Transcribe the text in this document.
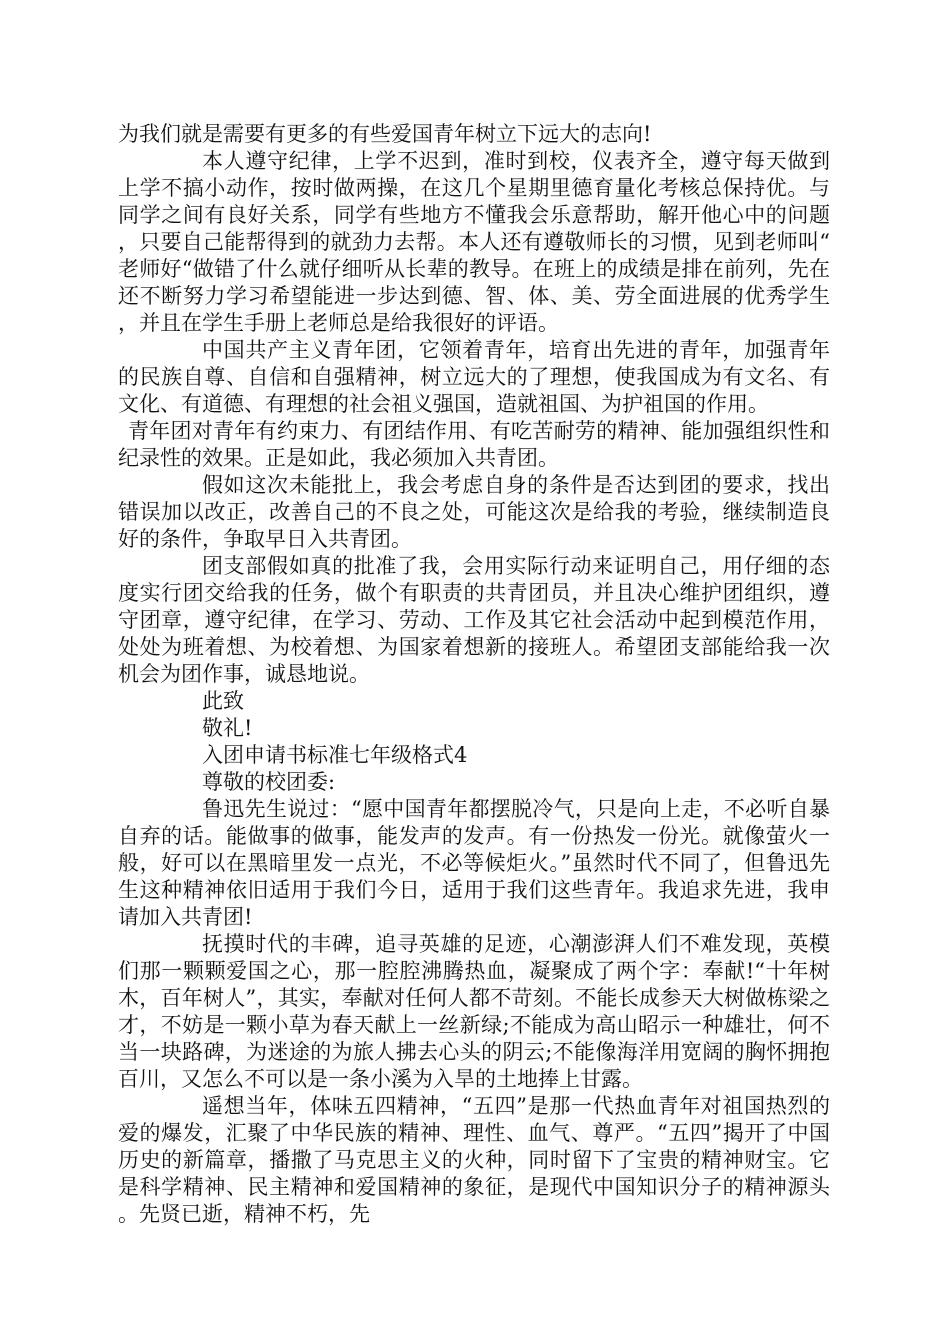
为我们就是需要有更多的有些爱国青年树立下远大的志向!

本人遵守纪律，上学不迟到，准时到校，仪表齐全，遵守每天做到上学不搞小动作，按时做两操，在这几个星期里德育量化考核总保持优。与同学之间有良好关系，同学有些地方不懂我会乐意帮助，解开他心中的问题，只要自己能帮得到的就劲力去帮。本人还有遵敬师长的习惯，见到老师叫“老师好“做错了什么就仔细听从长辈的教导。在班上的成绩是排在前列，先在还不断努力学习希望能进一步达到德、智、体、美、劳全面进展的优秀学生，并且在学生手册上老师总是给我很好的评语。

中国共产主义青年团，它领着青年，培育出先进的青年，加强青年的民族自尊、自信和自强精神，树立远大的了理想，使我国成为有文名、有文化、有道德、有理想的社会祖义强国，造就祖国、为护祖国的作用。

青年团对青年有约束力、有团结作用、有吃苦耐劳的精神、能加强组织性和纪录性的效果。正是如此，我必须加入共青团。

假如这次未能批上，我会考虑自身的条件是否达到团的要求，找出错误加以改正，改善自己的不良之处，可能这次是给我的考验，继续制造良好的条件，争取早日入共青团。

团支部假如真的批准了我，会用实际行动来证明自己，用仔细的态度实行团交给我的任务，做个有职责的共青团员，并且决心维护团组织，遵守团章，遵守纪律，在学习、劳动、工作及其它社会活动中起到模范作用，处处为班着想、为校着想、为国家着想新的接班人。希望团支部能给我一次机会为团作事，诚恳地说。

此致

敬礼!

入团申请书标准七年级格式4

尊敬的校团委:

鲁迅先生说过：“愿中国青年都摆脱冷气，只是向上走，不必听自暴自弃的话。能做事的做事，能发声的发声。有一份热发一份光。就像萤火一般，好可以在黑暗里发一点光，不必等候炬火。”虽然时代不同了，但鲁迅先生这种精神依旧适用于我们今日，适用于我们这些青年。我追求先进，我申请加入共青团!

抚摸时代的丰碑，追寻英雄的足迹，心潮澎湃人们不难发现，英模们那一颗颗爱国之心，那一腔腔沸腾热血，凝聚成了两个字：奉献!“十年树木，百年树人”，其实，奉献对任何人都不苛刻。不能长成参天大树做栋梁之才，不妨是一颗小草为春天献上一丝新绿;不能成为高山昭示一种雄壮，何不当一块路碑，为迷途的为旅人拂去心头的阴云;不能像海洋用宽阔的胸怀拥抱百川，又怎么不可以是一条小溪为入旱的土地捧上甘露。

遥想当年，体味五四精神，“五四”是那一代热血青年对祖国热烈的爱的爆发，汇聚了中华民族的精神、理性、血气、尊严。“五四”揭开了中国历史的新篇章，播撒了马克思主义的火种，同时留下了宝贵的精神财宝。它是科学精神、民主精神和爱国精神的象征，是现代中国知识分子的精神源头。先贤已逝，精神不朽，先
